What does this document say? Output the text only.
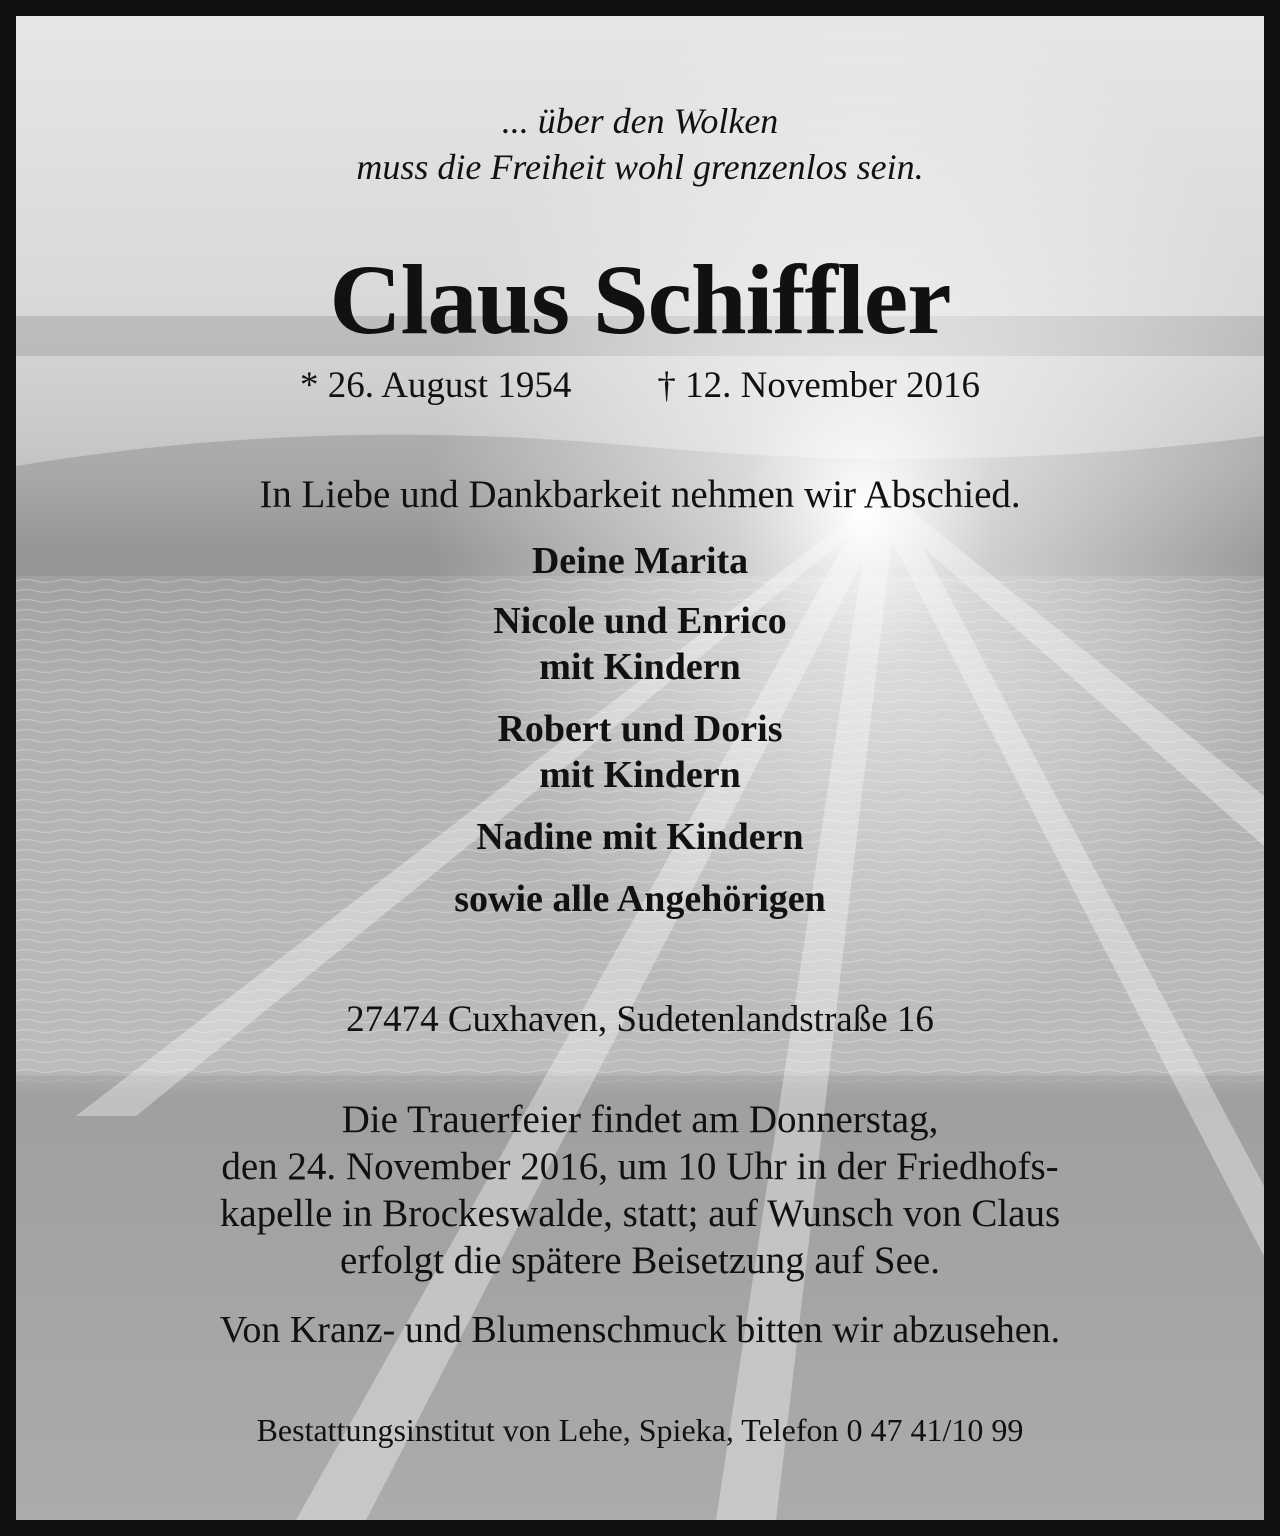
... über den Wolken
muss die Freiheit wohl grenzenlos sein.
Claus Schiffler
* 26. August 1954 † 12. November 2016
In Liebe und Dankbarkeit nehmen wir Abschied.
Deine Marita
Nicole und Enrico
mit Kindern
Robert und Doris
mit Kindern
Nadine mit Kindern
sowie alle Angehörigen
27474 Cuxhaven, Sudetenlandstraße 16
Die Trauerfeier findet am Donnerstag,
den 24. November 2016, um 10 Uhr in der Friedhofs-
kapelle in Brockeswalde, statt; auf Wunsch von Claus
erfolgt die spätere Beisetzung auf See.
Von Kranz- und Blumenschmuck bitten wir abzusehen.
Bestattungsinstitut von Lehe, Spieka, Telefon 0 47 41/10 99
